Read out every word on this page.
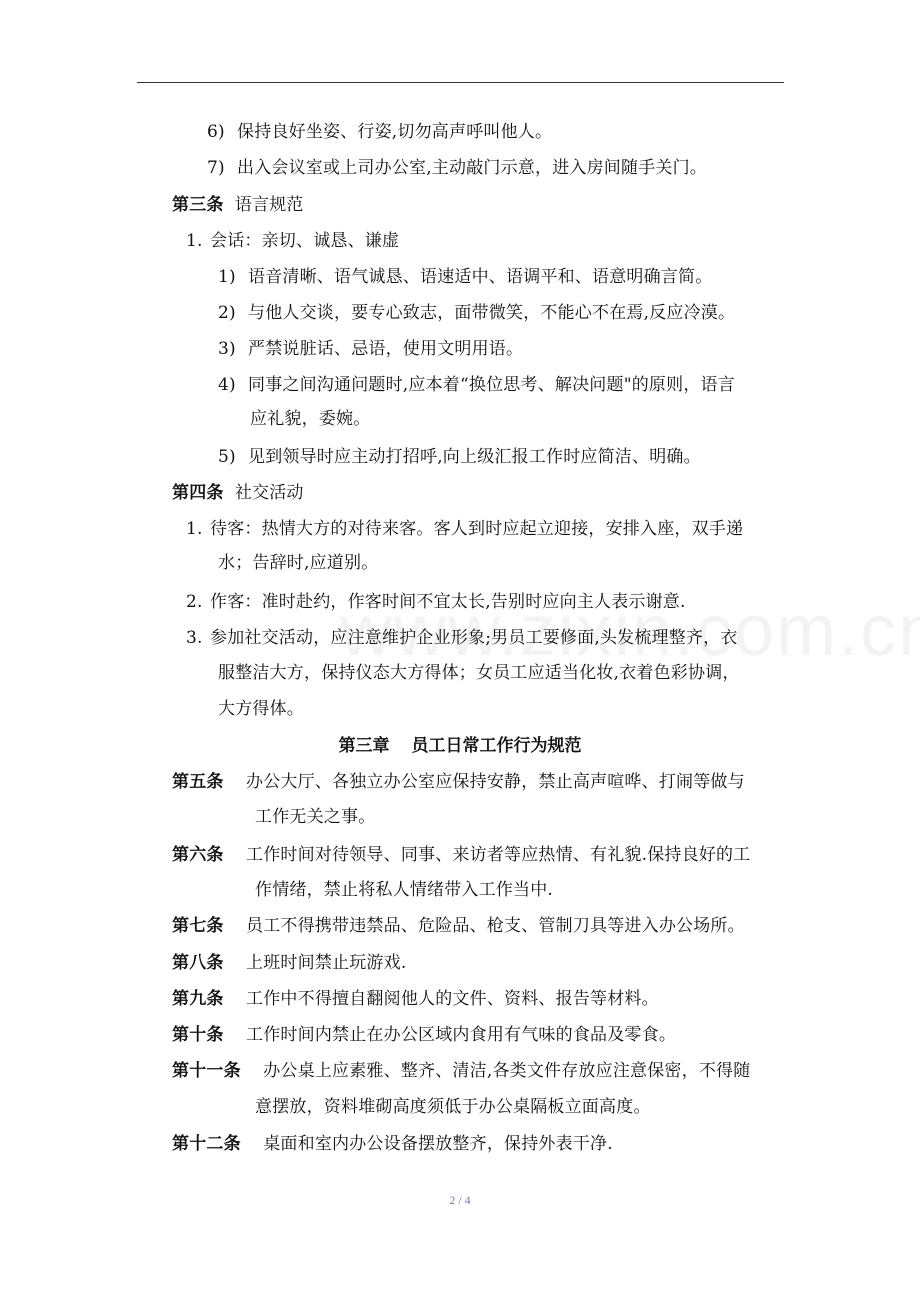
6) 保持良好坐姿、行姿,切勿高声呼叫他人。
7) 出入会议室或上司办公室,主动敲门示意，进入房间随手关门。
第三条 语言规范
1. 会话：亲切、诚恳、谦虚
1) 语音清晰、语气诚恳、语速适中、语调平和、语意明确言简。
2) 与他人交谈，要专心致志，面带微笑，不能心不在焉,反应冷漠。
3) 严禁说脏话、忌语，使用文明用语。
4) 同事之间沟通问题时,应本着“换位思考、解决问题"的原则，语言
应礼貌，委婉。
5) 见到领导时应主动打招呼,向上级汇报工作时应简洁、明确。
第四条 社交活动
1. 待客：热情大方的对待来客。客人到时应起立迎接，安排入座，双手递
水；告辞时,应道别。
2. 作客：准时赴约，作客时间不宜太长,告别时应向主人表示谢意.
3. 参加社交活动，应注意维护企业形象;男员工要修面,头发梳理整齐，衣
服整洁大方，保持仪态大方得体；女员工应适当化妆,衣着色彩协调，
大方得体。
第三章 员工日常工作行为规范
第五条 办公大厅、各独立办公室应保持安静，禁止高声喧哗、打闹等做与
工作无关之事。
第六条 工作时间对待领导、同事、来访者等应热情、有礼貌.保持良好的工
作情绪，禁止将私人情绪带入工作当中.
第七条 员工不得携带违禁品、危险品、枪支、管制刀具等进入办公场所。
第八条 上班时间禁止玩游戏.
第九条 工作中不得擅自翻阅他人的文件、资料、报告等材料。
第十条 工作时间内禁止在办公区域内食用有气味的食品及零食。
第十一条 办公桌上应素雅、整齐、清洁,各类文件存放应注意保密，不得随
意摆放，资料堆砌高度须低于办公桌隔板立面高度。
第十二条 桌面和室内办公设备摆放整齐，保持外表干净.
2 / 4
